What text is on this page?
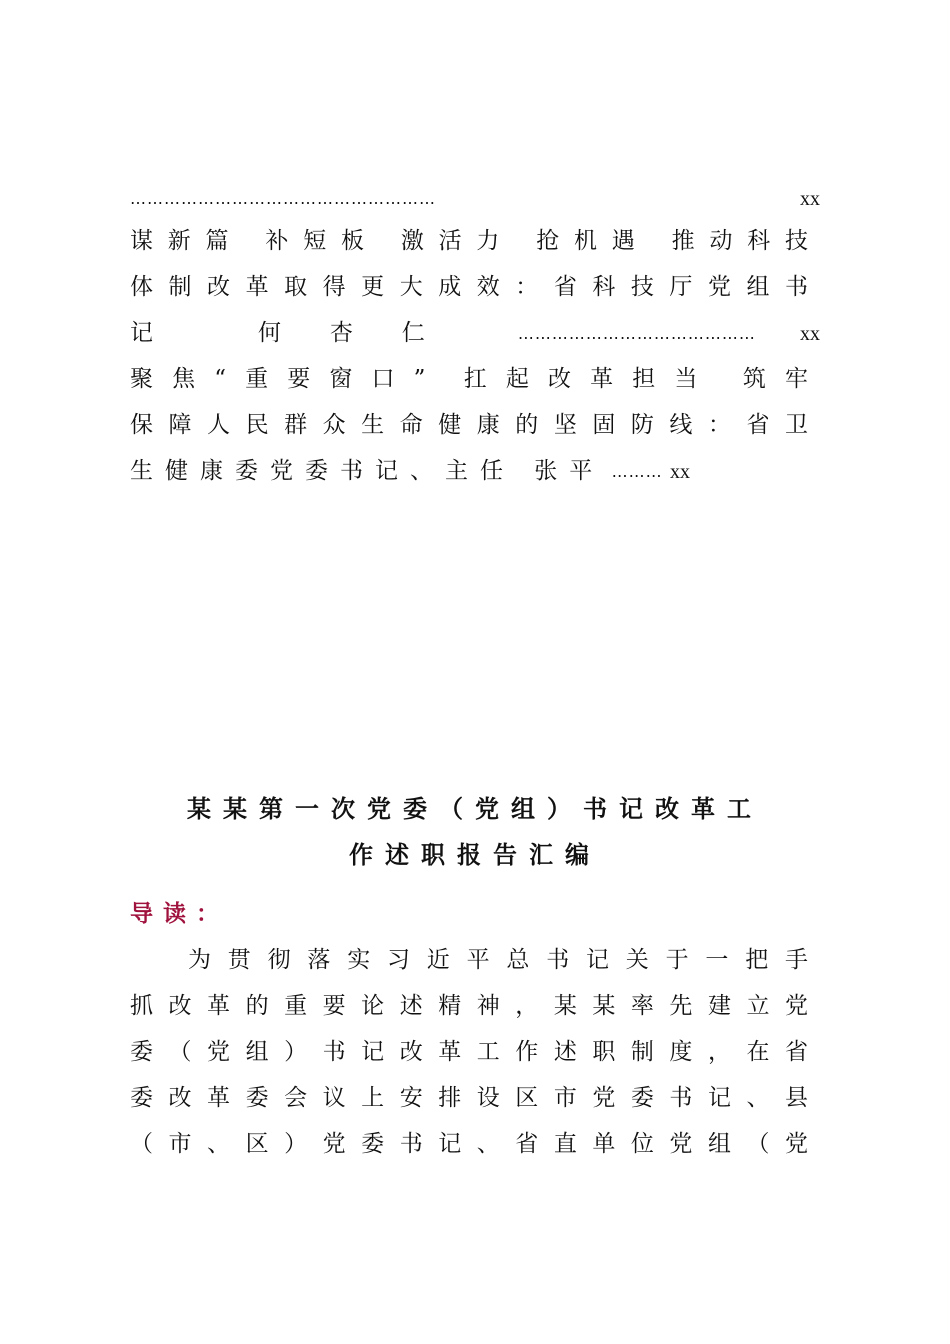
………………………………………………	xx
谋新篇 补短板 激活力 抢机遇 推动科技
体制改革取得更大成效：省科技厅党组书
记 何杏仁	…………………………………… xx
聚焦“重要窗口” 扛起改革担当 筑牢
保障人民群众生命健康的坚固防线：省卫
生健康委党委书记、主任 张平 ……… xx
某某第一次党委（党组）书记改革工
作述职报告汇编
导读：
为贯彻落实习近平总书记关于一把手
抓改革的重要论述精神，某某率先建立党
委（党组）书记改革工作述职制度，在省
委改革委会议上安排设区市党委书记、县
（市、区）党委书记、省直单位党组（党
